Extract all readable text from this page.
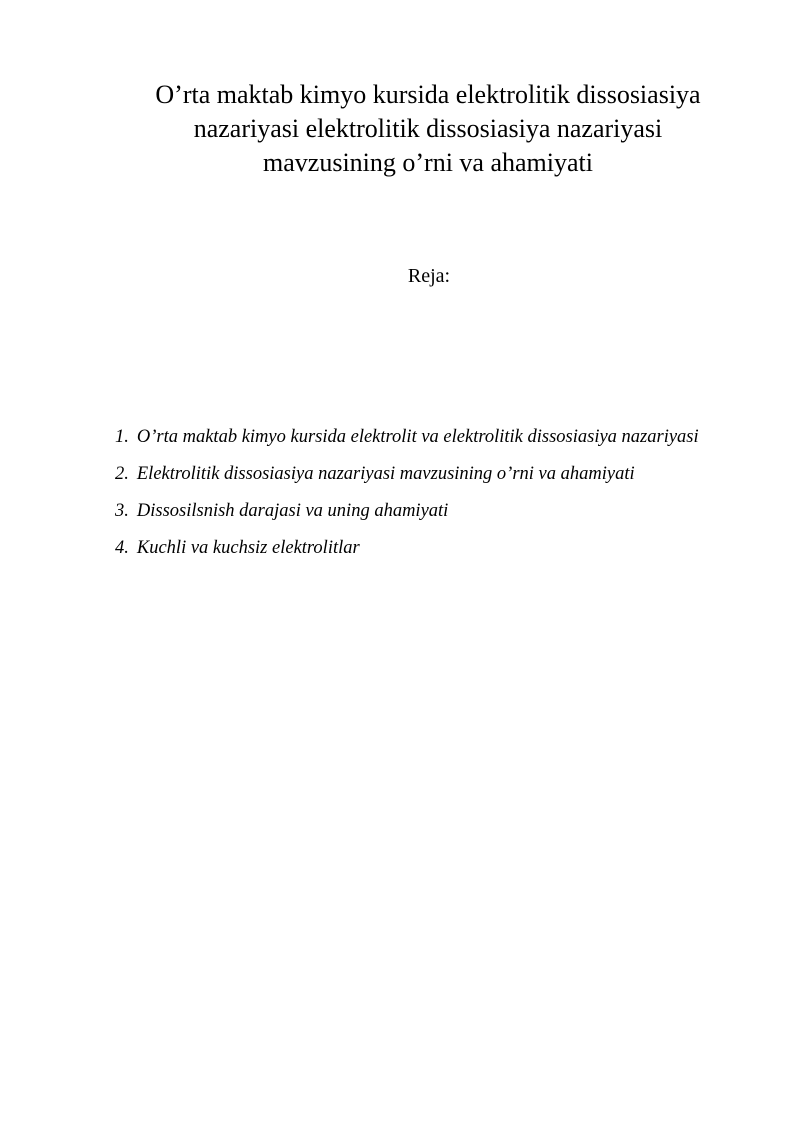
O’rta maktab kimyo kursida elektrolitik dissosiasiya
nazariyasi elektrolitik dissosiasiya nazariyasi
mavzusining o’rni va ahamiyati
Reja:
1. O’rta maktab kimyo kursida elektrolit va elektrolitik dissosiasiya nazariyasi
2. Elektrolitik dissosiasiya nazariyasi mavzusining o’rni va ahamiyati
3. Dissosilsnish darajasi va uning ahamiyati
4. Kuchli va kuchsiz elektrolitlar
